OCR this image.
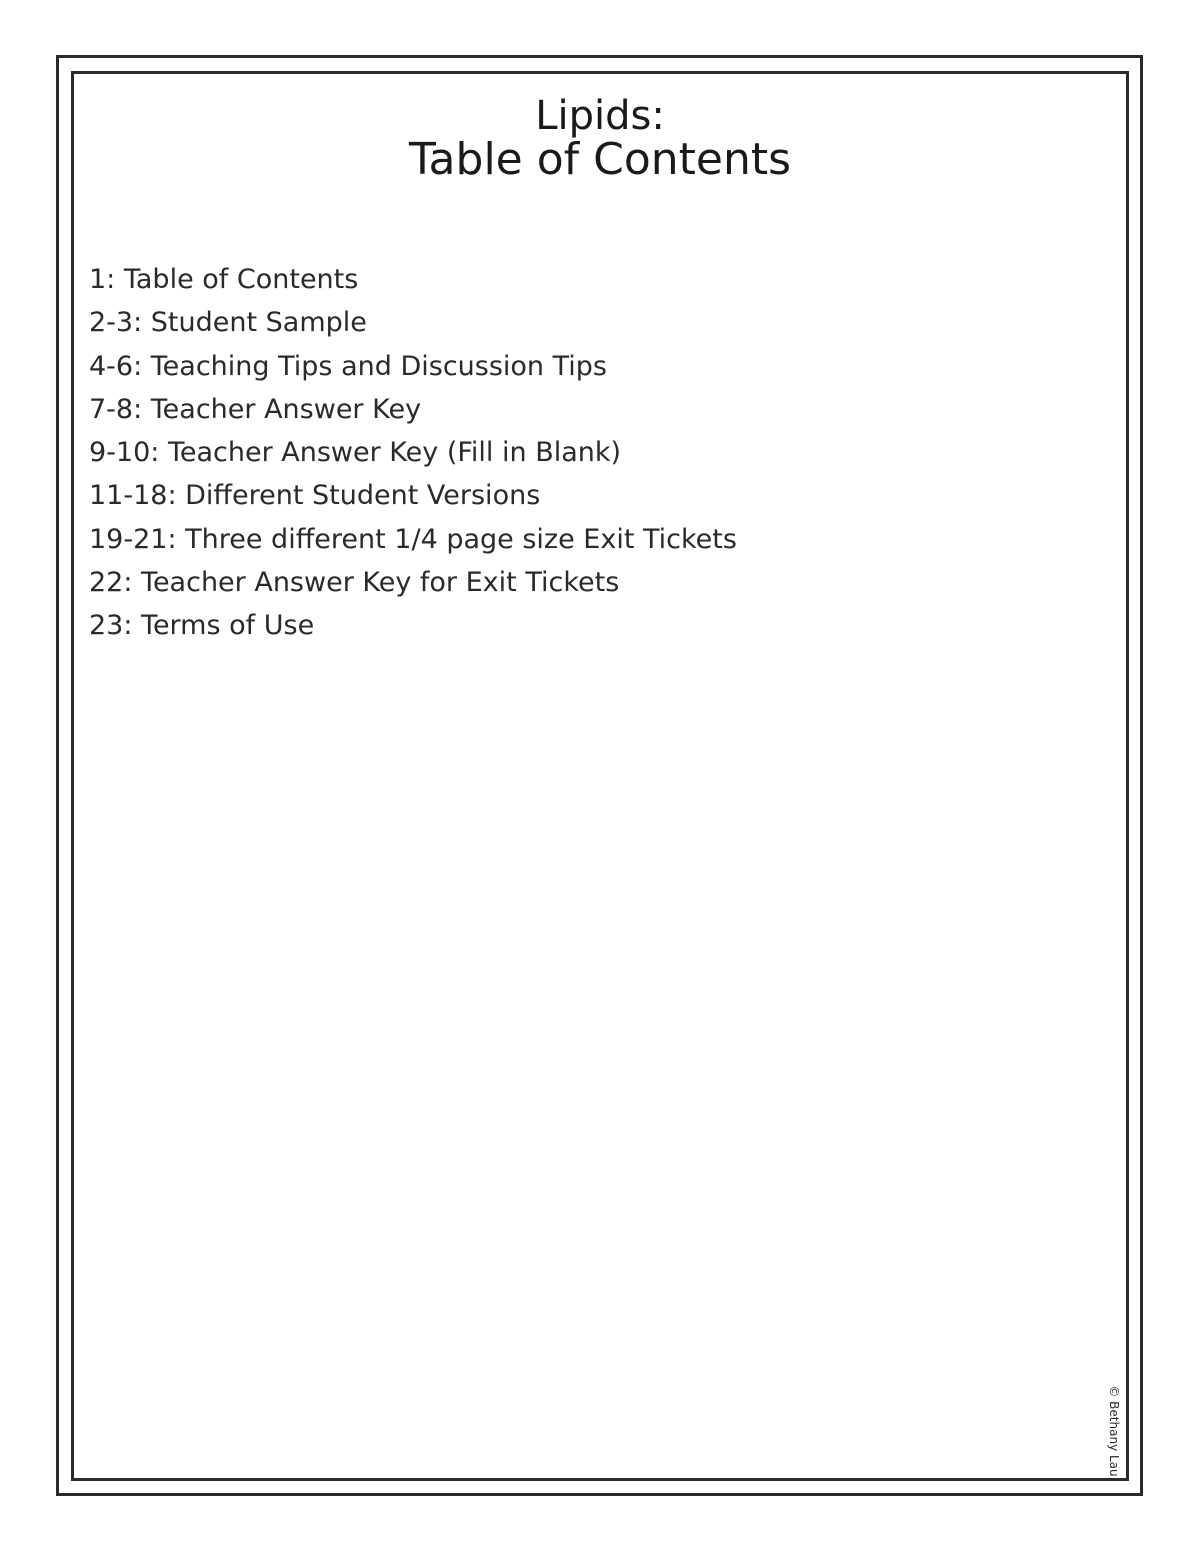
Lipids:
Table of Contents
1: Table of Contents
2-3: Student Sample
4-6: Teaching Tips and Discussion Tips
7-8: Teacher Answer Key
9-10: Teacher Answer Key (Fill in Blank)
11-18: Different Student Versions
19-21: Three different 1/4 page size Exit Tickets
22: Teacher Answer Key for Exit Tickets
23: Terms of Use
© Bethany Lau
